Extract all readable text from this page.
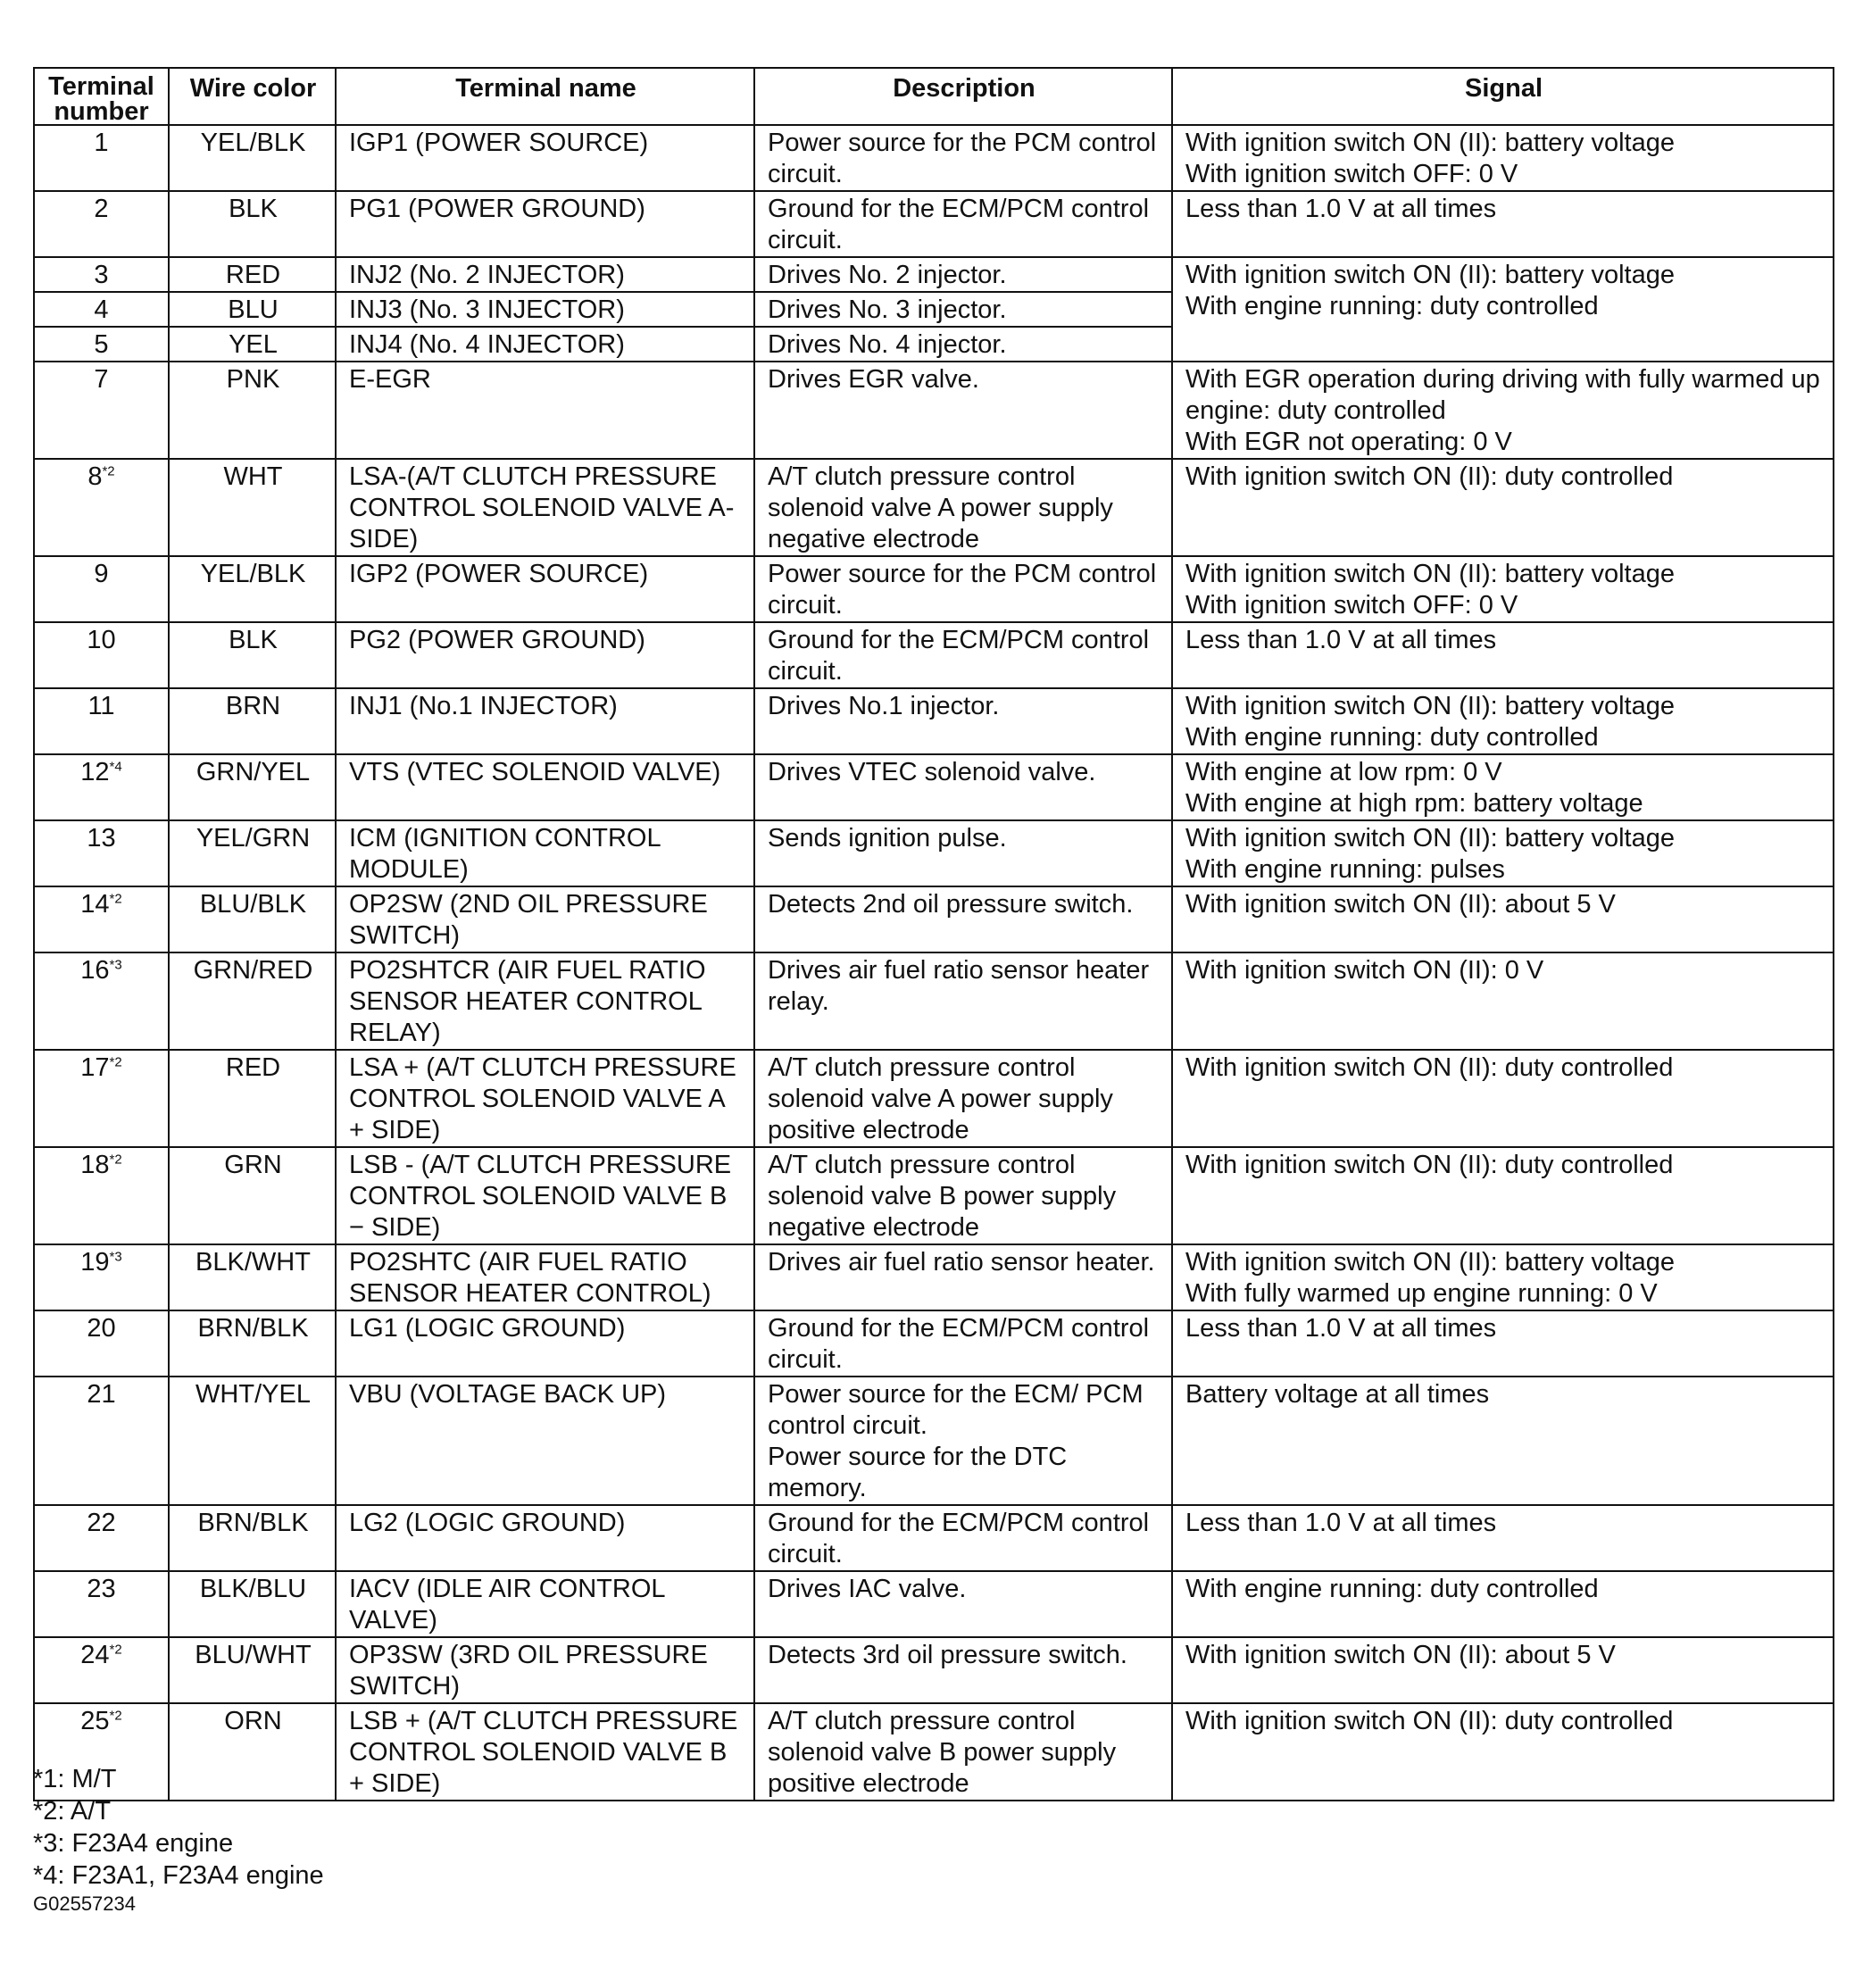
Terminal number	Wire color	Terminal name	Description	Signal
1	YEL/BLK	IGP1 (POWER SOURCE)	Power source for the PCM control circuit.	With ignition switch ON (II): battery voltage
With ignition switch OFF: 0 V

2	BLK	PG1 (POWER GROUND)	Ground for the ECM/PCM control circuit.	Less than 1.0 V at all times

3	RED	INJ2 (No. 2 INJECTOR)	Drives No. 2 injector.	With ignition switch ON (II): battery voltage
With engine running: duty controlled

4	BLU	INJ3 (No. 3 INJECTOR)	Drives No. 3 injector.	

5	YEL	INJ4 (No. 4 INJECTOR)	Drives No. 4 injector.	

7	PNK	E-EGR	Drives EGR valve.	With EGR operation during driving with fully warmed up engine: duty controlled
With EGR not operating: 0 V

8$^{*2}$	WHT	LSA-(A/T CLUTCH PRESSURE CONTROL SOLENOID VALVE A-SIDE)	A/T clutch pressure control solenoid valve A power supply negative electrode	With ignition switch ON (II): duty controlled

9	YEL/BLK	IGP2 (POWER SOURCE)	Power source for the PCM control circuit.	With ignition switch ON (II): battery voltage
With ignition switch OFF: 0 V

10	BLK	PG2 (POWER GROUND)	Ground for the ECM/PCM control circuit.	Less than 1.0 V at all times

11	BRN	INJ1 (No.1 INJECTOR)	Drives No.1 injector.	With ignition switch ON (II): battery voltage
With engine running: duty controlled

12$^{*4}$	GRN/YEL	VTS (VTEC SOLENOID VALVE)	Drives VTEC solenoid valve.	With engine at low rpm: 0 V
With engine at high rpm: battery voltage

13	YEL/GRN	ICM (IGNITION CONTROL MODULE)	Sends ignition pulse.	With ignition switch ON (II): battery voltage
With engine running: pulses

14$^{*2}$	BLU/BLK	OP2SW (2ND OIL PRESSURE SWITCH)	Detects 2nd oil pressure switch.	With ignition switch ON (II): about 5 V

16$^{*3}$	GRN/RED	PO2SHTCR (AIR FUEL RATIO SENSOR HEATER CONTROL RELAY)	Drives air fuel ratio sensor heater relay.	With ignition switch ON (II): 0 V

17$^{*2}$	RED	LSA + (A/T CLUTCH PRESSURE CONTROL SOLENOID VALVE A + SIDE)	A/T clutch pressure control solenoid valve A power supply positive electrode	With ignition switch ON (II): duty controlled

18$^{*2}$	GRN	LSB - (A/T CLUTCH PRESSURE CONTROL SOLENOID VALVE B − SIDE)	A/T clutch pressure control solenoid valve B power supply negative electrode	With ignition switch ON (II): duty controlled

19$^{*3}$	BLK/WHT	PO2SHTC (AIR FUEL RATIO SENSOR HEATER CONTROL)	Drives air fuel ratio sensor heater.	With ignition switch ON (II): battery voltage
With fully warmed up engine running: 0 V

20	BRN/BLK	LG1 (LOGIC GROUND)	Ground for the ECM/PCM control circuit.	Less than 1.0 V at all times

21	WHT/YEL	VBU (VOLTAGE BACK UP)	Power source for the ECM/ PCM control circuit.
Power source for the DTC memory.	Battery voltage at all times

22	BRN/BLK	LG2 (LOGIC GROUND)	Ground for the ECM/PCM control circuit.	Less than 1.0 V at all times

23	BLK/BLU	IACV (IDLE AIR CONTROL VALVE)	Drives IAC valve.	With engine running: duty controlled

24$^{*2}$	BLU/WHT	OP3SW (3RD OIL PRESSURE SWITCH)	Detects 3rd oil pressure switch.	With ignition switch ON (II): about 5 V

25$^{*2}$	ORN	LSB + (A/T CLUTCH PRESSURE CONTROL SOLENOID VALVE B + SIDE)	A/T clutch pressure control solenoid valve B power supply positive electrode	With ignition switch ON (II): duty controlled
*1: M/T
*2: A/T
*3: F23A4 engine
*4: F23A1, F23A4 engine
G02557234
